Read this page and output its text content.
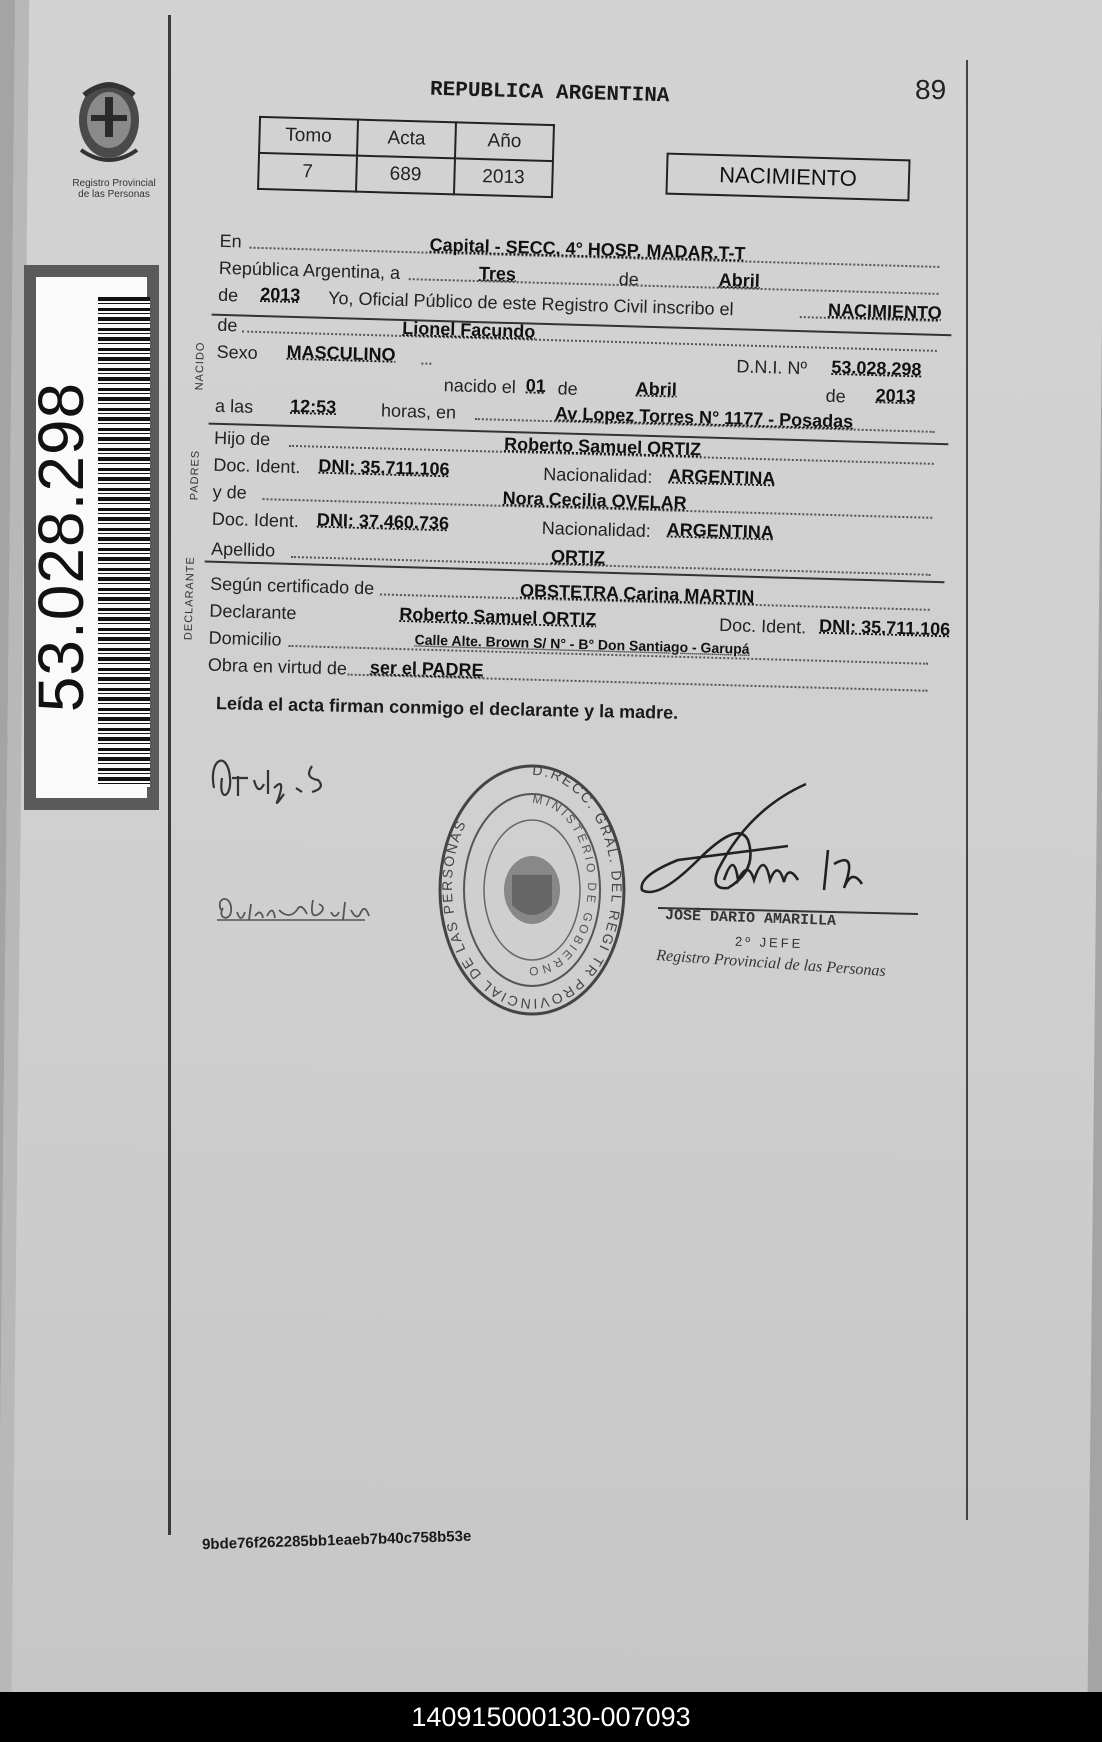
Registro Provincial
de las Personas
53.028.298
REPUBLICA ARGENTINA	89
Tomo	Acta	Año
7	689	2013	NACIMIENTO
En	Capital - SECC. 4° HOSP. MADAR.T-T
República Argentina, a	Tres	de	Abril
de 2013 Yo, Oficial Público de este Registro Civil inscribo el	NACIMIENTO
NACIDO
de	Lionel Facundo
Sexo MASCULINO
D.N.I. Nº 53.028.298
nacido el 01 de	Abril	de 2013
a las 12:53 horas, en	Av Lopez Torres N° 1177 - Posadas
PADRES
Hijo de	Roberto Samuel ORTIZ
Doc. Ident. DNI: 35.711.106	Nacionalidad: ARGENTINA
y de	Nora Cecilia OVELAR
Doc. Ident. DNI: 37.460.736	Nacionalidad: ARGENTINA
Apellido	ORTIZ
DECLARANTE Según certificado de	OBSTETRA Carina MARTIN
Declarante	Roberto Samuel ORTIZ	Doc. Ident. DNI: 35.711.106
Domicilio	Calle Alte. Brown S/ N° - B° Don Santiago - Garupá
Obra en virtud de ser el PADRE
Leída el acta firman conmigo el declarante y la madre.
D.RECC. GRAL. DEL REGI TR PROVINCIAL DE LAS PERSONAS
MINISTERIO DE GOBIERNO
JOSÉ DARIO AMARILLA
2º JEFE
Registro Provincial de las Personas
9bde76f262285bb1eaeb7b40c758b53e
140915000130-007093
